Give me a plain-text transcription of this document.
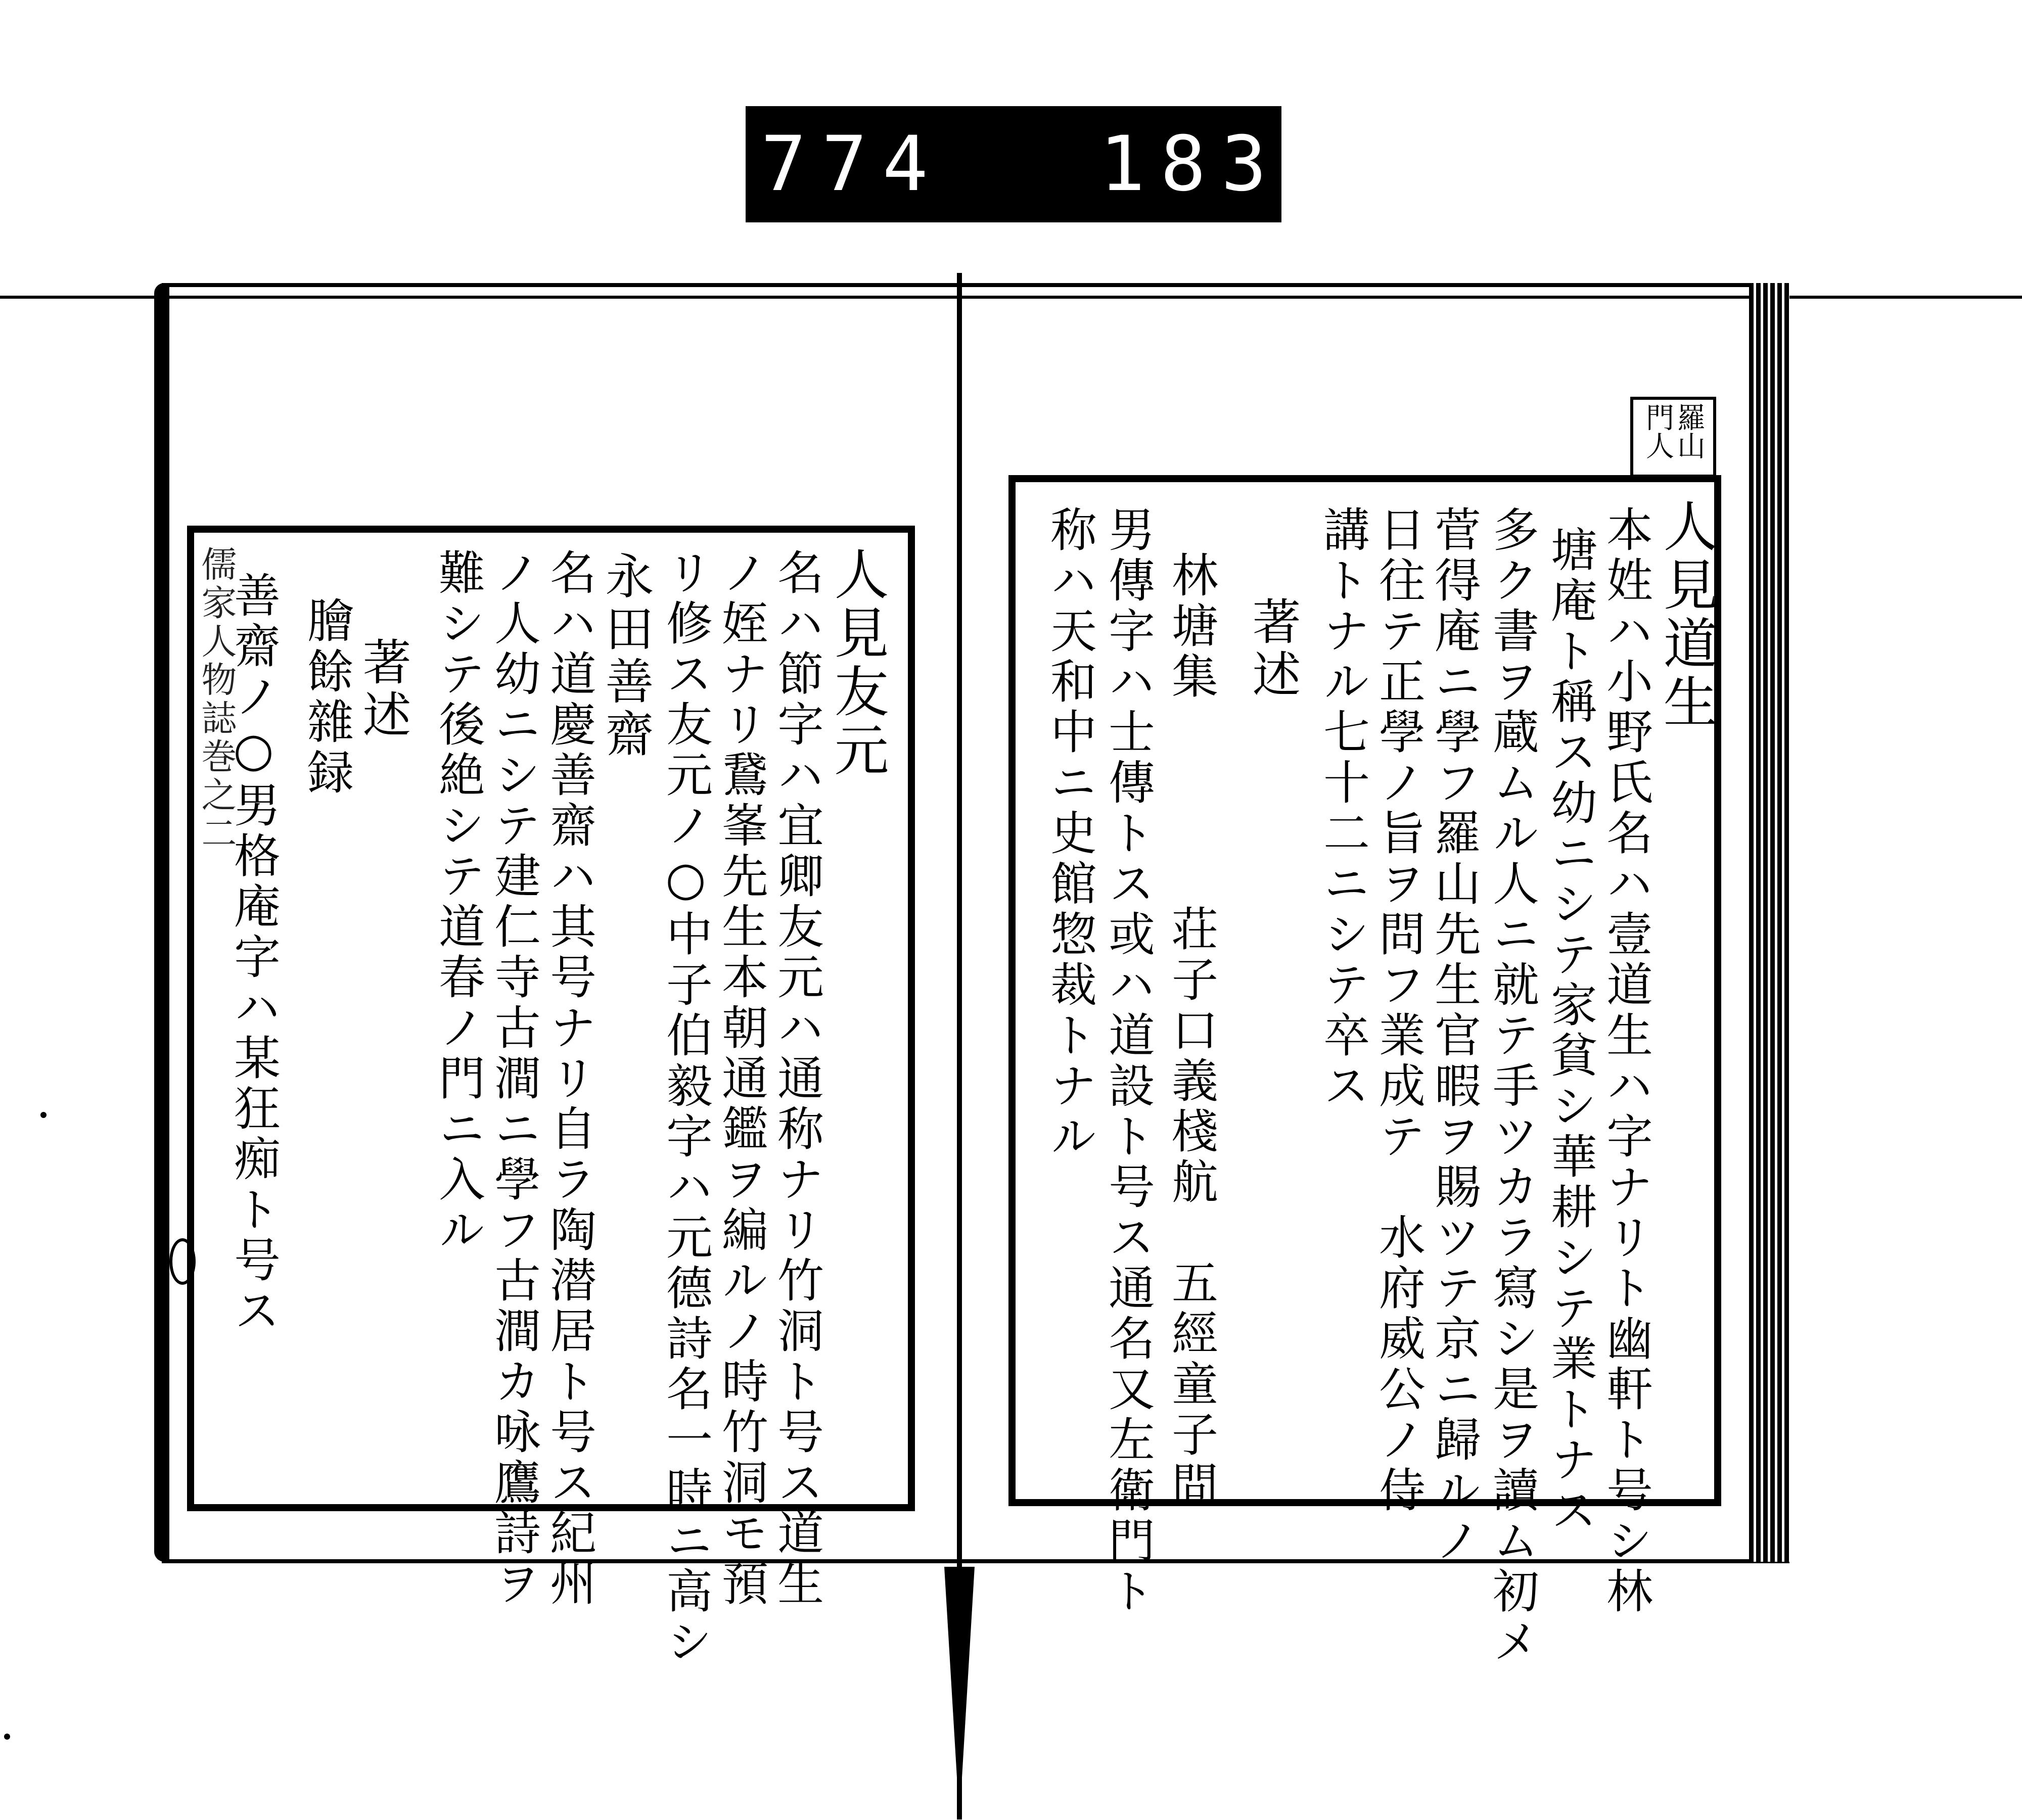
774 183.
羅山
門人
人見道生
本姓ハ小野氏名ハ壹道生ハ字ナリト幽軒ト号シ林
塘庵ト稱ス幼ニシテ家貧シ華耕シテ業トナス
多ク書ヲ蔵ムル人ニ就テ手ツカラ寫シ是ヲ讀ム初メ
菅得庵ニ學フ羅山先生官暇ヲ賜ツテ京ニ歸ルノ
日往テ正學ノ旨ヲ問フ業成テ　水府威公ノ侍
講トナル七十二ニシテ卒ス
著述
林塘集　　　　荘子口義棧航　五經童子問
男傳字ハ士傳トス或ハ道設ト号ス通名又左衛門ト
称ハ天和中ニ史館惣裁トナル
儒家人物誌巻之二	人見友元
名ハ節字ハ宜卿友元ハ通称ナリ竹洞ト号ス道生
ノ姪ナリ鵞峯先生本朝通鑑ヲ編ルノ時竹洞モ預
リ修ス友元ノ○中子伯毅字ハ元德詩名一時ニ高シ
永田善齋
名ハ道慶善齋ハ其号ナリ自ラ陶潜居ト号ス紀州
ノ人幼ニシテ建仁寺古澗ニ學フ古澗カ咏鷹詩ヲ
難シテ後絶シテ道春ノ門ニ入ル
著述
膾餘雜録
善齋ノ○男格庵字ハ某狂痴ト号ス
